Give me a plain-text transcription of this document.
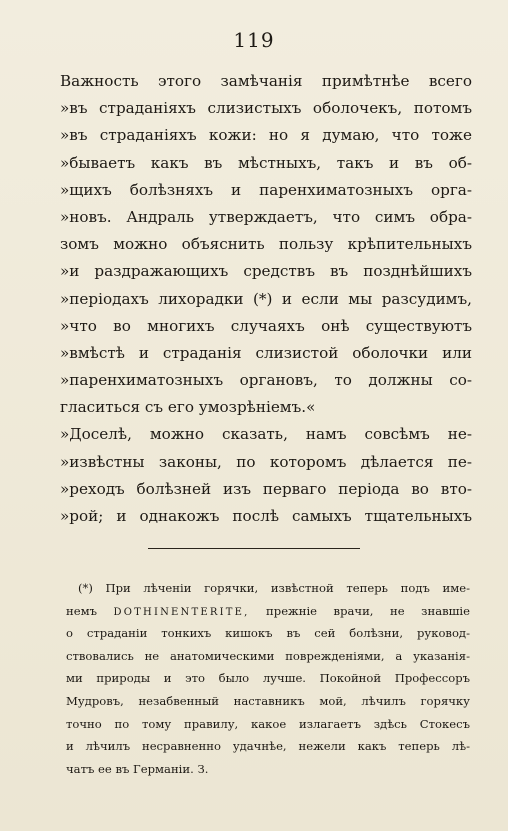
119
Важность этого замѣчанія примѣтнѣе всего
»въ страданіяхъ слизистыхъ оболочекъ, потомъ
»въ страданіяхъ кожи: но я думаю, что тоже
»бываетъ какъ въ мѣстныхъ, такъ и въ об-
»щихъ болѣзняхъ и паренхиматозныхъ орга-
»новъ. Андраль утверждаетъ, что симъ обра-
зомъ можно объяснить пользу крѣпительныхъ
»и раздражающихъ средствъ въ позднѣйшихъ
»періодахъ лихорадки (*) и если мы разсудимъ,
»что во многихъ случаяхъ онѣ существуютъ
»вмѣстѣ и страданія слизистой оболочки или
»паренхиматозныхъ органовъ, то должны со-
гласиться съ его умозрѣніемъ.«
»Доселѣ, можно сказать, намъ совсѣмъ не-
»извѣстны законы, по которомъ дѣлается пе-
»реходъ болѣзней изъ перваго періода во вто-
»рой; и однакожъ послѣ самыхъ тщательныхъ
(*) При лѣченіи горячки, извѣстной теперь подъ име-
немъ DOTHINENTERITE, прежніе врачи, не знавшіе
о страданіи тонкихъ кишокъ въ сей болѣзни, руковод-
ствовались не анатомическими поврежденіями, а указанія-
ми природы и это было лучше. Покойной Профессоръ
Мудровъ, незабвенный наставникъ мой, лѣчилъ горячку
точно по тому правилу, какое излагаетъ здѣсь Стокесъ
и лѣчилъ несравненно удачнѣе, нежели какъ теперь лѣ-
чатъ ее въ Германіи. З.
